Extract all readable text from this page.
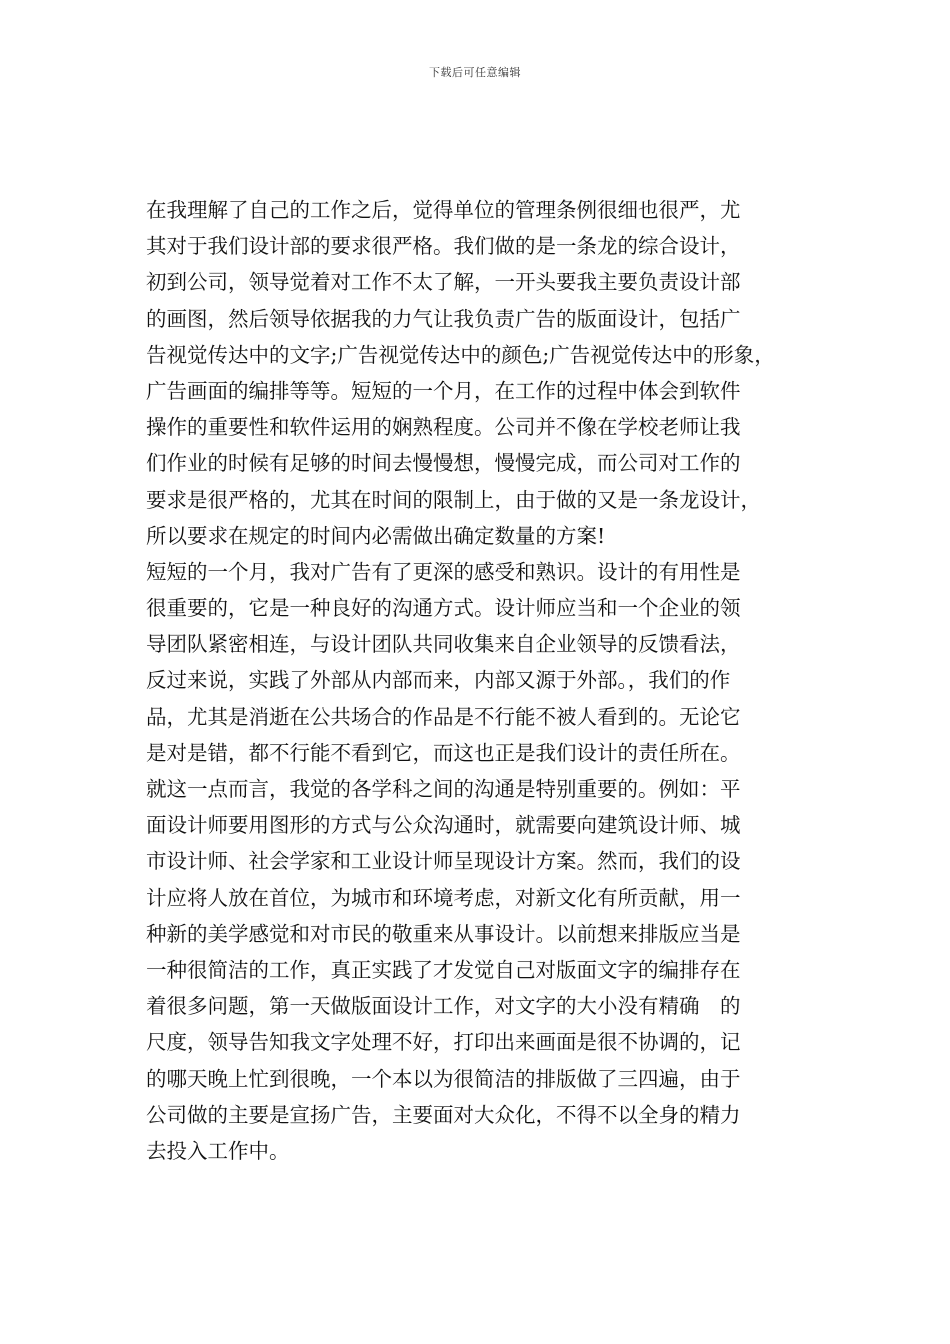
下载后可任意编辑
在我理解了自己的工作之后，觉得单位的管理条例很细也很严，尤
其对于我们设计部的要求很严格。我们做的是一条龙的综合设计，
初到公司，领导觉着对工作不太了解，一开头要我主要负责设计部
的画图，然后领导依据我的力气让我负责广告的版面设计，包括广
告视觉传达中的文字;广告视觉传达中的颜色;广告视觉传达中的形象，
广告画面的编排等等。短短的一个月，在工作的过程中体会到软件
操作的重要性和软件运用的娴熟程度。公司并不像在学校老师让我
们作业的时候有足够的时间去慢慢想，慢慢完成，而公司对工作的
要求是很严格的，尤其在时间的限制上，由于做的又是一条龙设计，
所以要求在规定的时间内必需做出确定数量的方案!
短短的一个月，我对广告有了更深的感受和熟识。设计的有用性是
很重要的，它是一种良好的沟通方式。设计师应当和一个企业的领
导团队紧密相连，与设计团队共同收集来自企业领导的反馈看法，
反过来说，实践了外部从内部而来，内部又源于外部。，我们的作
品，尤其是消逝在公共场合的作品是不行能不被人看到的。无论它
是对是错，都不行能不看到它，而这也正是我们设计的责任所在。
就这一点而言，我觉的各学科之间的沟通是特别重要的。例如：平
面设计师要用图形的方式与公众沟通时，就需要向建筑设计师、城
市设计师、社会学家和工业设计师呈现设计方案。然而，我们的设
计应将人放在首位，为城市和环境考虑，对新文化有所贡献，用一
种新的美学感觉和对市民的敬重来从事设计。以前想来排版应当是
一种很简洁的工作，真正实践了才发觉自己对版面文字的编排存在
着很多问题，第一天做版面设计工作，对文字的大小没有精确　的
尺度，领导告知我文字处理不好，打印出来画面是很不协调的，记
的哪天晚上忙到很晚，一个本以为很简洁的排版做了三四遍，由于
公司做的主要是宣扬广告，主要面对大众化，不得不以全身的精力
去投入工作中。
